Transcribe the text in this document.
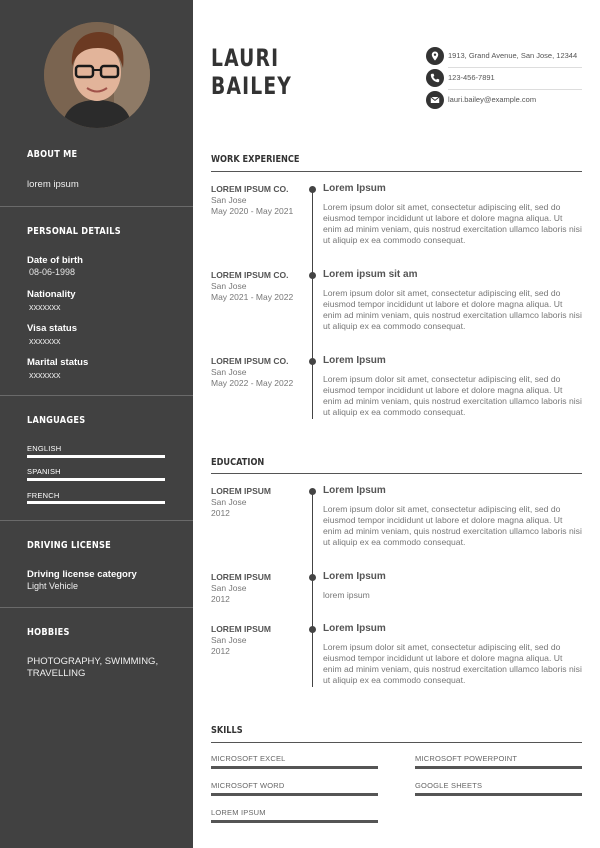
ABOUT ME
lorem ipsum
PERSONAL DETAILS
Date of birth
08-06-1998
Nationality
xxxxxxx
Visa status
xxxxxxx
Marital status
xxxxxxx
LANGUAGES
ENGLISH
SPANISH
FRENCH
DRIVING LICENSE
Driving license category
Light Vehicle
HOBBIES
PHOTOGRAPHY, SWIMMING,
TRAVELLING
LAURI
BAILEY
1913, Grand Avenue, San Jose, 12344
123-456-7891
lauri.bailey@example.com
WORK EXPERIENCE
LOREM IPSUM CO.
San Jose
May 2020 - May 2021
Lorem Ipsum
Lorem ipsum dolor sit amet, consectetur adipiscing elit, sed do eiusmod tempor incididunt ut labore et dolore magna aliqua. Ut enim ad minim veniam, quis nostrud exercitation ullamco laboris nisi ut aliquip ex ea commodo consequat.
LOREM IPSUM CO.
San Jose
May 2021 - May 2022
Lorem ipsum sit am
Lorem ipsum dolor sit amet, consectetur adipiscing elit, sed do eiusmod tempor incididunt ut labore et dolore magna aliqua. Ut enim ad minim veniam, quis nostrud exercitation ullamco laboris nisi ut aliquip ex ea commodo consequat.
LOREM IPSUM CO.
San Jose
May 2022 - May 2022
Lorem Ipsum
Lorem ipsum dolor sit amet, consectetur adipiscing elit, sed do eiusmod tempor incididunt ut labore et dolore magna aliqua. Ut enim ad minim veniam, quis nostrud exercitation ullamco laboris nisi ut aliquip ex ea commodo consequat.
EDUCATION
LOREM IPSUM
San Jose
2012
Lorem Ipsum
Lorem ipsum dolor sit amet, consectetur adipiscing elit, sed do eiusmod tempor incididunt ut labore et dolore magna aliqua. Ut enim ad minim veniam, quis nostrud exercitation ullamco laboris nisi ut aliquip ex ea commodo consequat.
LOREM IPSUM
San Jose
2012
Lorem Ipsum
lorem ipsum
LOREM IPSUM
San Jose
2012
Lorem Ipsum
Lorem ipsum dolor sit amet, consectetur adipiscing elit, sed do eiusmod tempor incididunt ut labore et dolore magna aliqua. Ut enim ad minim veniam, quis nostrud exercitation ullamco laboris nisi ut aliquip ex ea commodo consequat.
SKILLS
MICROSOFT EXCEL	MICROSOFT POWERPOINT
MICROSOFT WORD	GOOGLE SHEETS
LOREM IPSUM
